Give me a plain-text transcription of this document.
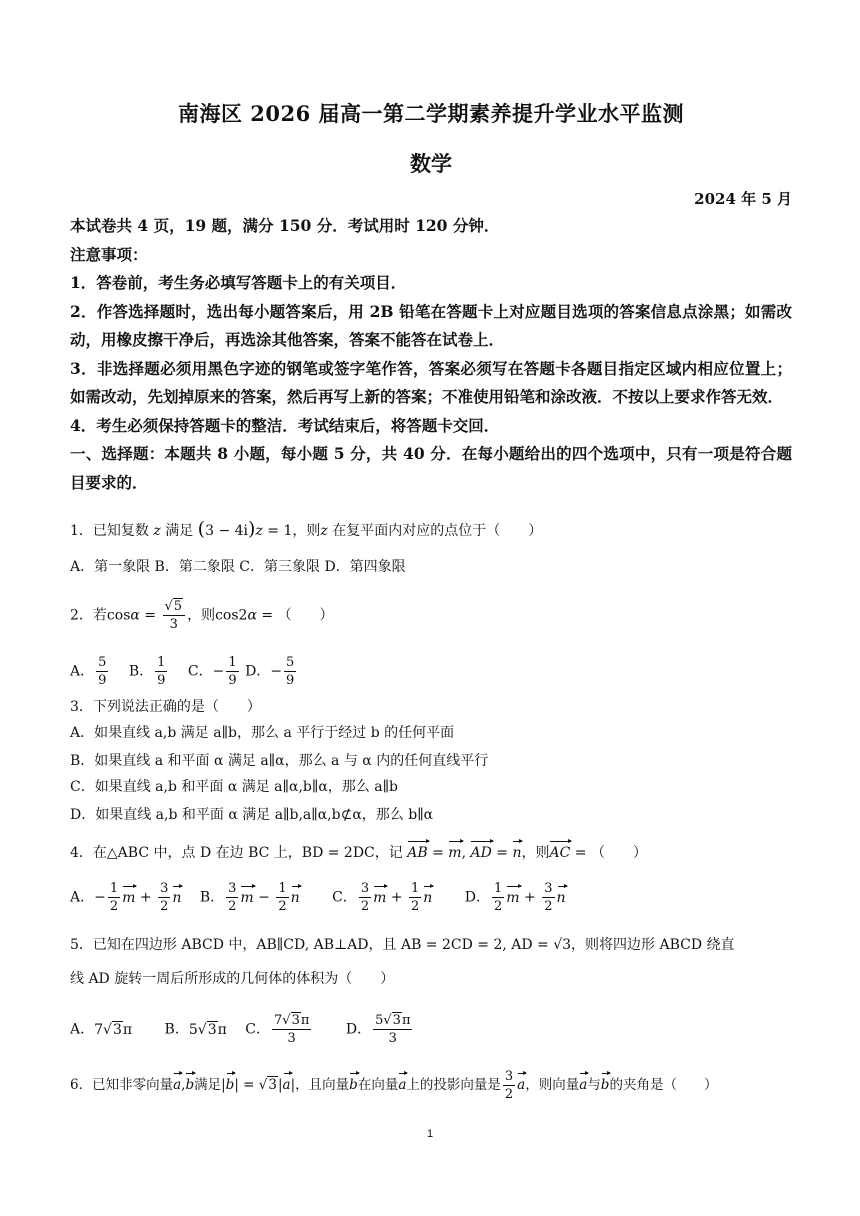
南海区 2026 届高一第二学期素养提升学业水平监测
数学
2024 年 5 月

本试卷共 4 页，19 题，满分 150 分．考试用时 120 分钟．

注意事项：

1．答卷前，考生务必填写答题卡上的有关项目．

2．作答选择题时，选出每小题答案后，用 2B 铅笔在答题卡上对应题目选项的答案信息点涂黑；如需改动，用橡皮擦干净后，再选涂其他答案，答案不能答在试卷上．

3．非选择题必须用黑色字迹的钢笔或签字笔作答，答案必须写在答题卡各题目指定区域内相应位置上；如需改动，先划掉原来的答案，然后再写上新的答案；不准使用铅笔和涂改液．不按以上要求作答无效．

4．考生必须保持答题卡的整洁．考试结束后，将答题卡交回．

一、选择题：本题共 8 小题，每小题 5 分，共 40 分．在每小题给出的四个选项中，只有一项是符合题目要求的．

1．已知复数 z 满足 (3 − 4i)z = 1，则z 在复平面内对应的点位于（　　）
A．第一象限 B．第二象限 C．第三象限 D．第四象限
2．若$\cos\alpha = \frac{√5}{3}$ ，则cos2α = （　　）
A． $\frac{5}{9}$ B． $\frac{1}{9}$ C．− $\frac{1}{9}$ D．− $\frac{5}{9}$
3．下列说法正确的是（　　）
A．如果直线 a,b 满足 a∥b，那么 a 平行于经过 b 的任何平面
B．如果直线 a 和平面 α 满足 a∥α，那么 a 与 α 内的任何直线平行
C．如果直线 a,b 和平面 α 满足 a∥α,b∥α，那么 a∥b
D．如果直线 a,b 和平面 α 满足 a∥b,a∥α,b⊄α，那么 b∥α
4．在△ABC 中，点 D 在边 BC 上，BD = 2DC，记 AB = m, AD = n，则AC = （　　）
A．− $\frac{1}{2}$ $m + \frac{3}{2}$ n B． $\frac{3}{2}$ $m - \frac{1}{2}$ n C． $\frac{3}{2}$ $m + \frac{1}{2}$ n D． $\frac{1}{2}$ $m + \frac{3}{2}$ n
5．已知在四边形 ABCD 中，AB∥CD, AB⊥AD，且 AB = 2CD = 2, AD = √3，则将四边形 ABCD 绕直
线 AD 旋转一周后所形成的几何体的体积为（　　）
A．7√3π B．5√3π C． $\frac{7√3\pi}{3}$ D． $\frac{5√3\pi}{3}$
6．已知非零向量a,b满足|b| = √3|a|，且向量b在向量a上的投影向量是 $\frac{3}{2}$ a，则向量a与b的夹角是（　　）
1
